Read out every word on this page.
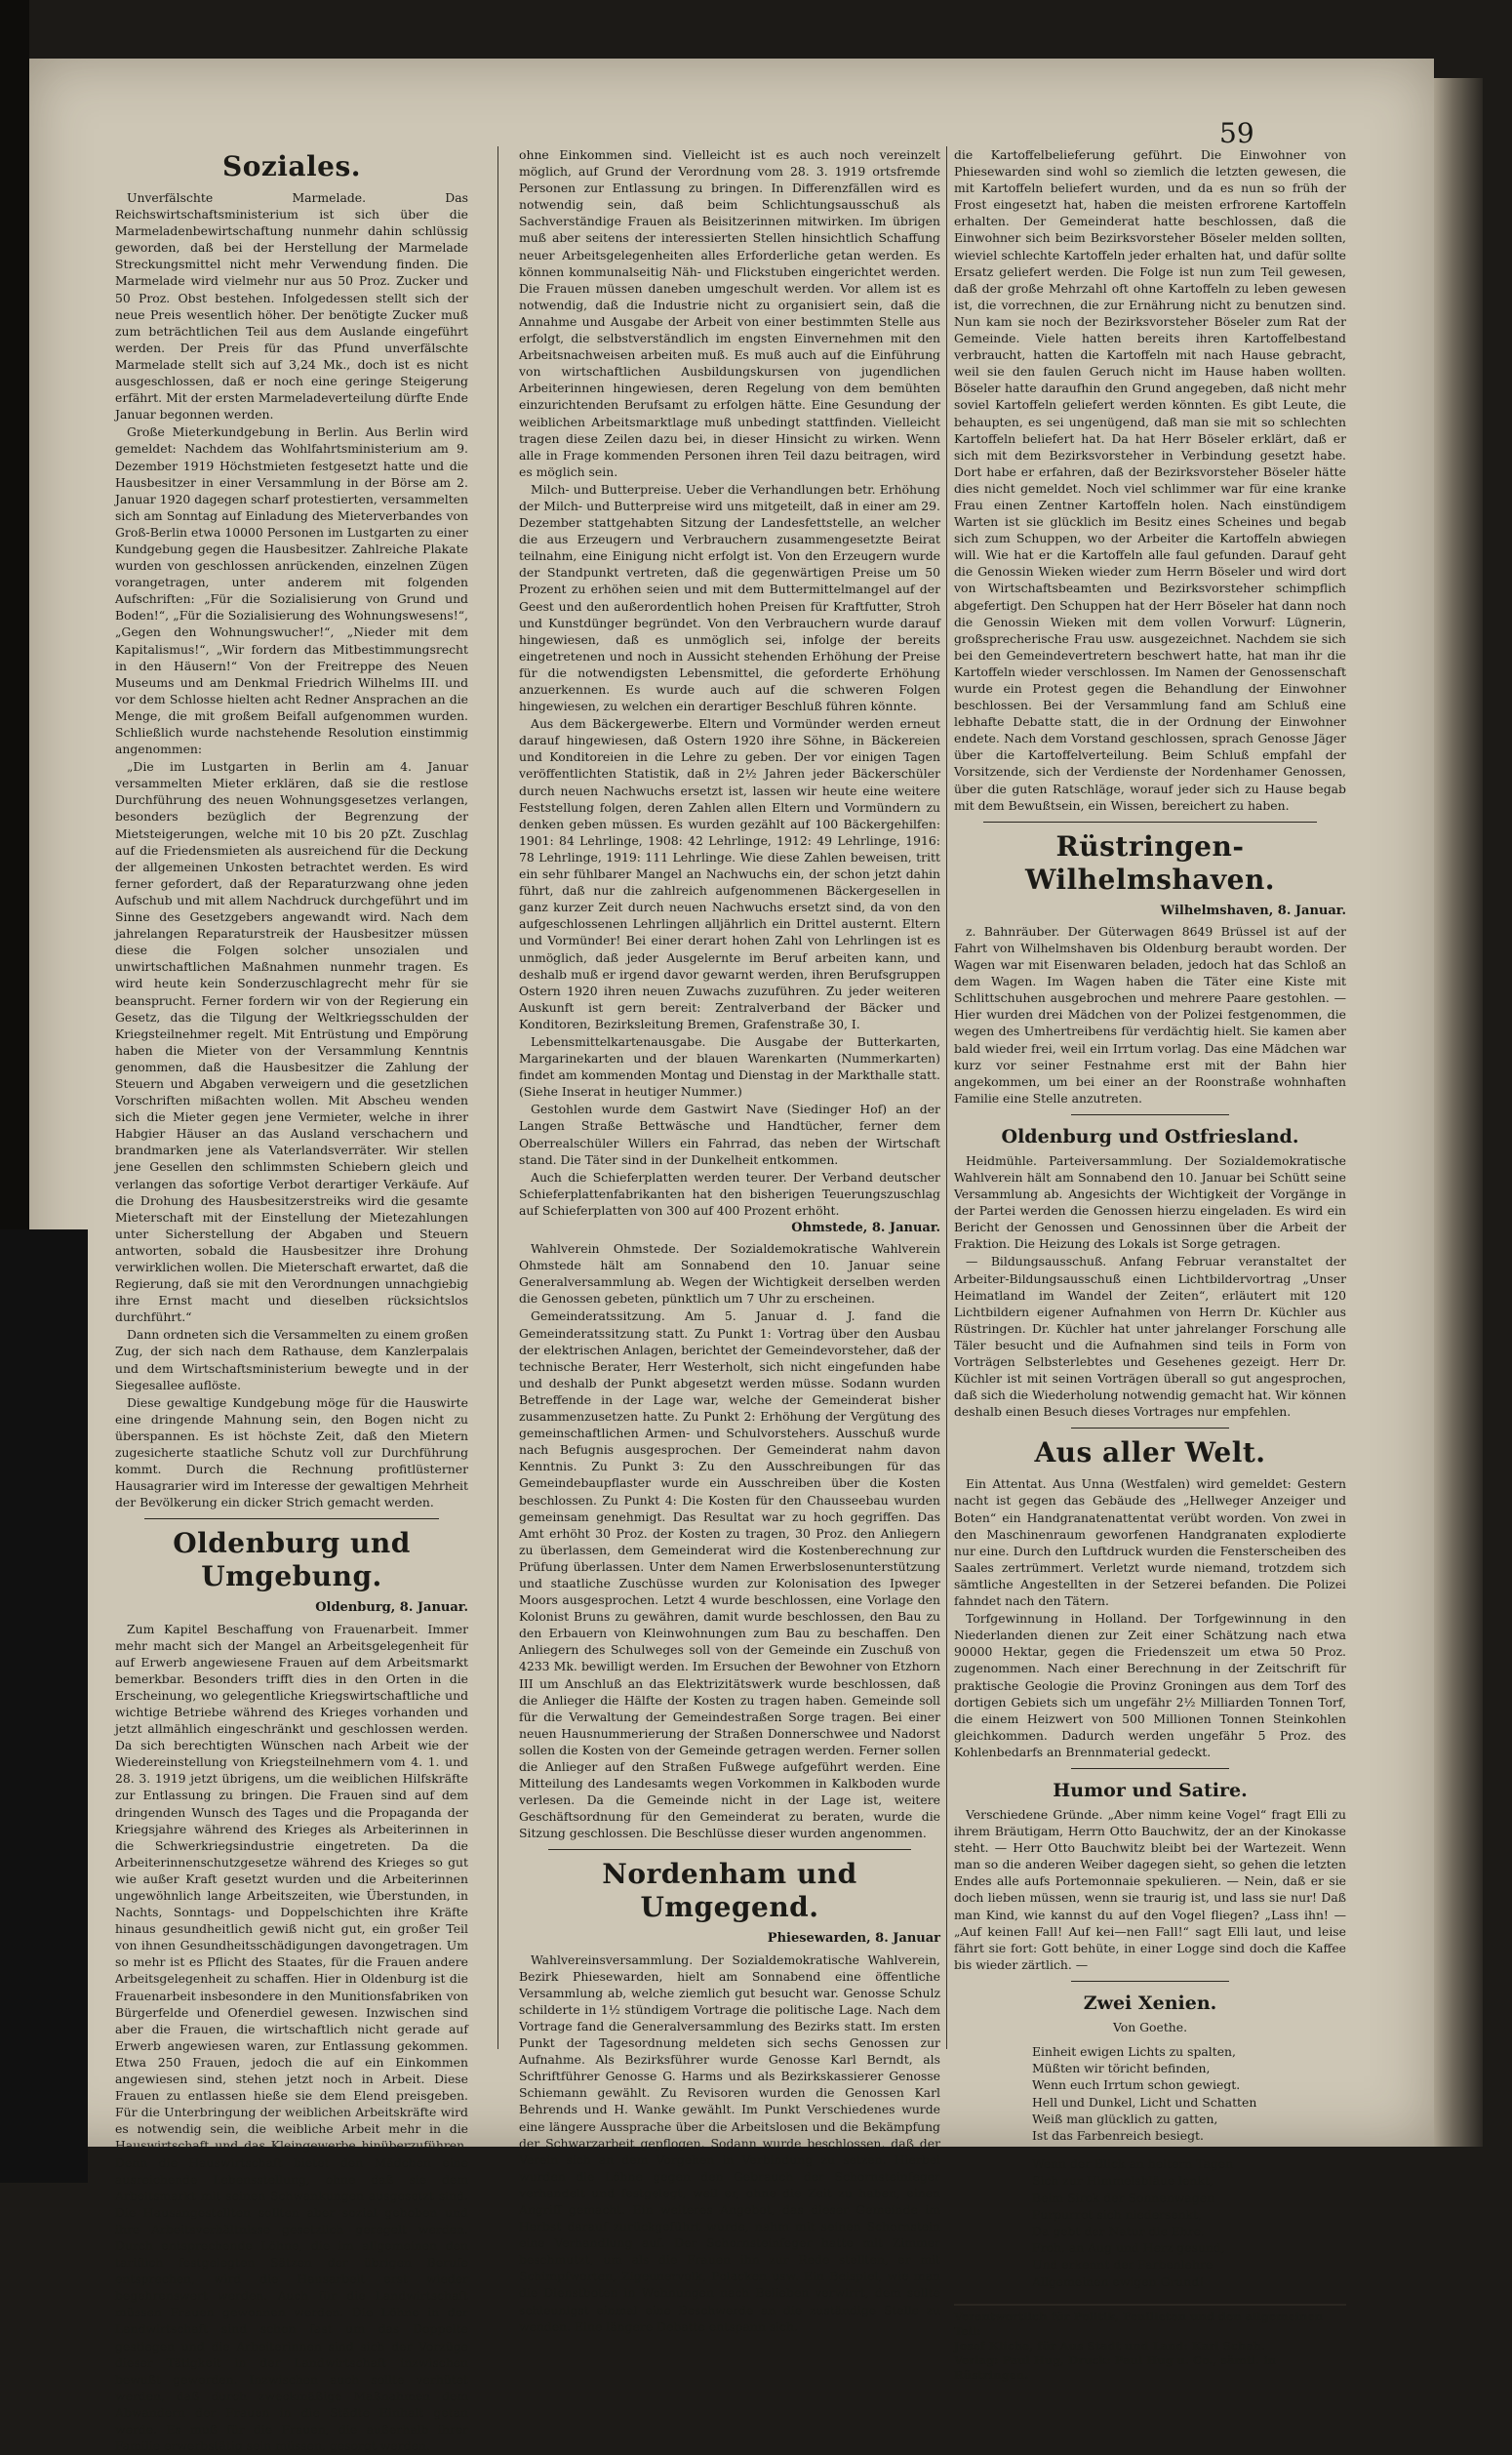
59
Soziales.

Unverfälschte Marmelade. Das Reichswirtschaftsministerium ist sich über die Marmeladenbewirtschaftung nunmehr dahin schlüssig geworden, daß bei der Herstellung der Marmelade Streckungsmittel nicht mehr Verwendung finden. Die Marmelade wird vielmehr nur aus 50 Proz. Zucker und 50 Proz. Obst bestehen. Infolgedessen stellt sich der neue Preis wesentlich höher. Der benötigte Zucker muß zum beträchtlichen Teil aus dem Auslande eingeführt werden. Der Preis für das Pfund unverfälschte Marmelade stellt sich auf 3,24 Mk., doch ist es nicht ausgeschlossen, daß er noch eine geringe Steigerung erfährt. Mit der ersten Marmeladeverteilung dürfte Ende Januar begonnen werden.

Große Mieterkundgebung in Berlin. Aus Berlin wird gemeldet: Nachdem das Wohlfahrtsministerium am 9. Dezember 1919 Höchstmieten festgesetzt hatte und die Hausbesitzer in einer Versammlung in der Börse am 2. Januar 1920 dagegen scharf protestierten, versammelten sich am Sonntag auf Einladung des Mieterverbandes von Groß-Berlin etwa 10000 Personen im Lustgarten zu einer Kundgebung gegen die Hausbesitzer. Zahlreiche Plakate wurden von geschlossen anrückenden, einzelnen Zügen vorangetragen, unter anderem mit folgenden Aufschriften: „Für die Sozialisierung von Grund und Boden!“, „Für die Sozialisierung des Wohnungswesens!“, „Gegen den Wohnungswucher!“, „Nieder mit dem Kapitalismus!“, „Wir fordern das Mitbestimmungsrecht in den Häusern!“ Von der Freitreppe des Neuen Museums und am Denkmal Friedrich Wilhelms III. und vor dem Schlosse hielten acht Redner Ansprachen an die Menge, die mit großem Beifall aufgenommen wurden. Schließlich wurde nachstehende Resolution einstimmig angenommen:

„Die im Lustgarten in Berlin am 4. Januar versammelten Mieter erklären, daß sie die restlose Durchführung des neuen Wohnungsgesetzes verlangen, besonders bezüglich der Begrenzung der Mietsteigerungen, welche mit 10 bis 20 pZt. Zuschlag auf die Friedensmieten als ausreichend für die Deckung der allgemeinen Unkosten betrachtet werden. Es wird ferner gefordert, daß der Reparaturzwang ohne jeden Aufschub und mit allem Nachdruck durchgeführt und im Sinne des Gesetzgebers angewandt wird. Nach dem jahrelangen Reparaturstreik der Hausbesitzer müssen diese die Folgen solcher unsozialen und unwirtschaftlichen Maßnahmen nunmehr tragen. Es wird heute kein Sonderzuschlagrecht mehr für sie beansprucht. Ferner fordern wir von der Regierung ein Gesetz, das die Tilgung der Weltkriegsschulden der Kriegsteilnehmer regelt. Mit Entrüstung und Empörung haben die Mieter von der Versammlung Kenntnis genommen, daß die Hausbesitzer die Zahlung der Steuern und Abgaben verweigern und die gesetzlichen Vorschriften mißachten wollen. Mit Abscheu wenden sich die Mieter gegen jene Vermieter, welche in ihrer Habgier Häuser an das Ausland verschachern und brandmarken jene als Vaterlandsverräter. Wir stellen jene Gesellen den schlimmsten Schiebern gleich und verlangen das sofortige Verbot derartiger Verkäufe. Auf die Drohung des Hausbesitzerstreiks wird die gesamte Mieterschaft mit der Einstellung der Mietezahlungen unter Sicherstellung der Abgaben und Steuern antworten, sobald die Hausbesitzer ihre Drohung verwirklichen wollen. Die Mieterschaft erwartet, daß die Regierung, daß sie mit den Verordnungen unnachgiebig ihre Ernst macht und dieselben rücksichtslos durchführt.“

Dann ordneten sich die Versammelten zu einem großen Zug, der sich nach dem Rathause, dem Kanzlerpalais und dem Wirtschaftsministerium bewegte und in der Siegesallee auflöste.

Diese gewaltige Kundgebung möge für die Hauswirte eine dringende Mahnung sein, den Bogen nicht zu überspannen. Es ist höchste Zeit, daß den Mietern zugesicherte staatliche Schutz voll zur Durchführung kommt. Durch die Rechnung profitlüsterner Hausagrarier wird im Interesse der gewaltigen Mehrheit der Bevölkerung ein dicker Strich gemacht werden.

Oldenburg und Umgebung.
Oldenburg, 8. Januar.

Zum Kapitel Beschaffung von Frauenarbeit. Immer mehr macht sich der Mangel an Arbeitsgelegenheit für auf Erwerb angewiesene Frauen auf dem Arbeitsmarkt bemerkbar. Besonders trifft dies in den Orten in die Erscheinung, wo gelegentliche Kriegswirtschaftliche und wichtige Betriebe während des Krieges vorhanden und jetzt allmählich eingeschränkt und geschlossen werden. Da sich berechtigten Wünschen nach Arbeit wie der Wiedereinstellung von Kriegsteilnehmern vom 4. 1. und 28. 3. 1919 jetzt übrigens, um die weiblichen Hilfskräfte zur Entlassung zu bringen. Die Frauen sind auf dem dringenden Wunsch des Tages und die Propaganda der Kriegsjahre während des Krieges als Arbeiterinnen in die Schwerkriegsindustrie eingetreten. Da die Arbeiterinnenschutzgesetze während des Krieges so gut wie außer Kraft gesetzt wurden und die Arbeiterinnen ungewöhnlich lange Arbeitszeiten, wie Überstunden, in Nachts, Sonntags- und Doppelschichten ihre Kräfte hinaus gesundheitlich gewiß nicht gut, ein großer Teil von ihnen Gesundheitsschädigungen davongetragen. Um so mehr ist es Pflicht des Staates, für die Frauen andere Arbeitsgelegenheit zu schaffen. Hier in Oldenburg ist die Frauenarbeit insbesondere in den Munitionsfabriken von Bürgerfelde und Ofenerdiel gewesen. Inzwischen sind aber die Frauen, die wirtschaftlich nicht gerade auf Erwerb angewiesen waren, zur Entlassung gekommen. Etwa 250 Frauen, jedoch die auf ein Einkommen angewiesen sind, stehen jetzt noch in Arbeit. Diese Frauen zu entlassen hieße sie dem Elend preisgeben. Für die Unterbringung der weiblichen Arbeitskräfte wird es notwendig sein, die weibliche Arbeit mehr in die Hauswirtschaft und das Kleingewerbe hinüberzuführen. Denn die Hauswirtschaft bietet den Mädchen eine ausreichende Lebensstellung, ohne daß sie dem Arbeitsmarkt mit seinen Schwankungen ausgesetzt sind. Die Hausangestellten sollten aber sozial gehoben und ihre Arbeitsverhältnisse gesetzlich geregelt werden. Durch entsprechende Löhne, die im allgemeinen den tariflich festgelegten Sätzen der übrigen Berufe entsprechen, wird die Hausarbeit erst wieder begehrenswert werden. Auch für die Landwirtschaft müssen Frauen gewonnen werden. Die Löhne in der Landwirtschaft sind schon fast um das Doppelte gestiegen und die Arbeiterinnen sind sich der Vorzüge dieser Tätigkeit in der Landwirtschaft inzwischen bewußt geworden. Inzwischen auch sollte verhütet werden, daß durch zweckmäßige Maßnahmen dem Abwandern der Frauen in die Städte Einhalt getan werde. Es muß für die Frauen, die außerhalb ihrer Familie erwerbstätig sein müssen, gesorgt werden.

ohne Einkommen sind. Vielleicht ist es auch noch vereinzelt möglich, auf Grund der Verordnung vom 28. 3. 1919 ortsfremde Personen zur Entlassung zu bringen. In Differenzfällen wird es notwendig sein, daß beim Schlichtungsausschuß als Sachverständige Frauen als Beisitzerinnen mitwirken. Im übrigen muß aber seitens der interessierten Stellen hinsichtlich Schaffung neuer Arbeitsgelegenheiten alles Erforderliche getan werden. Es können kommunalseitig Näh- und Flickstuben eingerichtet werden. Die Frauen müssen daneben umgeschult werden. Vor allem ist es notwendig, daß die Industrie nicht zu organisiert sein, daß die Annahme und Ausgabe der Arbeit von einer bestimmten Stelle aus erfolgt, die selbstverständlich im engsten Einvernehmen mit den Arbeitsnachweisen arbeiten muß. Es muß auch auf die Einführung von wirtschaftlichen Ausbildungskursen von jugendlichen Arbeiterinnen hingewiesen, deren Regelung von dem bemühten einzurichtenden Berufsamt zu erfolgen hätte. Eine Gesundung der weiblichen Arbeitsmarktlage muß unbedingt stattfinden. Vielleicht tragen diese Zeilen dazu bei, in dieser Hinsicht zu wirken. Wenn alle in Frage kommenden Personen ihren Teil dazu beitragen, wird es möglich sein.

Milch- und Butterpreise. Ueber die Verhandlungen betr. Erhöhung der Milch- und Butterpreise wird uns mitgeteilt, daß in einer am 29. Dezember stattgehabten Sitzung der Landesfettstelle, an welcher die aus Erzeugern und Verbrauchern zusammengesetzte Beirat teilnahm, eine Einigung nicht erfolgt ist. Von den Erzeugern wurde der Standpunkt vertreten, daß die gegenwärtigen Preise um 50 Prozent zu erhöhen seien und mit dem Buttermittelmangel auf der Geest und den außerordentlich hohen Preisen für Kraftfutter, Stroh und Kunstdünger begründet. Von den Verbrauchern wurde darauf hingewiesen, daß es unmöglich sei, infolge der bereits eingetretenen und noch in Aussicht stehenden Erhöhung der Preise für die notwendigsten Lebensmittel, die geforderte Erhöhung anzuerkennen. Es wurde auch auf die schweren Folgen hingewiesen, zu welchen ein derartiger Beschluß führen könnte.

Aus dem Bäckergewerbe. Eltern und Vormünder werden erneut darauf hingewiesen, daß Ostern 1920 ihre Söhne, in Bäckereien und Konditoreien in die Lehre zu geben. Der vor einigen Tagen veröffentlichten Statistik, daß in 2½ Jahren jeder Bäckerschüler durch neuen Nachwuchs ersetzt ist, lassen wir heute eine weitere Feststellung folgen, deren Zahlen allen Eltern und Vormündern zu denken geben müssen. Es wurden gezählt auf 100 Bäckergehilfen: 1901: 84 Lehrlinge, 1908: 42 Lehrlinge, 1912: 49 Lehrlinge, 1916: 78 Lehrlinge, 1919: 111 Lehrlinge. Wie diese Zahlen beweisen, tritt ein sehr fühlbarer Mangel an Nachwuchs ein, der schon jetzt dahin führt, daß nur die zahlreich aufgenommenen Bäckergesellen in ganz kurzer Zeit durch neuen Nachwuchs ersetzt sind, da von den aufgeschlossenen Lehrlingen alljährlich ein Drittel austernt. Eltern und Vormünder! Bei einer derart hohen Zahl von Lehrlingen ist es unmöglich, daß jeder Ausgelernte im Beruf arbeiten kann, und deshalb muß er irgend davor gewarnt werden, ihren Berufsgruppen Ostern 1920 ihren neuen Zuwachs zuzuführen. Zu jeder weiteren Auskunft ist gern bereit: Zentralverband der Bäcker und Konditoren, Bezirksleitung Bremen, Grafenstraße 30, I.

Lebensmittelkartenausgabe. Die Ausgabe der Butterkarten, Margarinekarten und der blauen Warenkarten (Nummerkarten) findet am kommenden Montag und Dienstag in der Markthalle statt. (Siehe Inserat in heutiger Nummer.)

Gestohlen wurde dem Gastwirt Nave (Siedinger Hof) an der Langen Straße Bettwäsche und Handtücher, ferner dem Oberrealschüler Willers ein Fahrrad, das neben der Wirtschaft stand. Die Täter sind in der Dunkelheit entkommen.

Auch die Schieferplatten werden teurer. Der Verband deutscher Schieferplattenfabrikanten hat den bisherigen Teuerungszuschlag auf Schieferplatten von 300 auf 400 Prozent erhöht.

Ohmstede, 8. Januar.

Wahlverein Ohmstede. Der Sozialdemokratische Wahlverein Ohmstede hält am Sonnabend den 10. Januar seine Generalversammlung ab. Wegen der Wichtigkeit derselben werden die Genossen gebeten, pünktlich um 7 Uhr zu erscheinen.

Gemeinderatssitzung. Am 5. Januar d. J. fand die Gemeinderatssitzung statt. Zu Punkt 1: Vortrag über den Ausbau der elektrischen Anlagen, berichtet der Gemeindevorsteher, daß der technische Berater, Herr Westerholt, sich nicht eingefunden habe und deshalb der Punkt abgesetzt werden müsse. Sodann wurden Betreffende in der Lage war, welche der Gemeinderat bisher zusammenzusetzen hatte. Zu Punkt 2: Erhöhung der Vergütung des gemeinschaftlichen Armen- und Schulvorstehers. Ausschuß wurde nach Befugnis ausgesprochen. Der Gemeinderat nahm davon Kenntnis. Zu Punkt 3: Zu den Ausschreibungen für das Gemeindebaupflaster wurde ein Ausschreiben über die Kosten beschlossen. Zu Punkt 4: Die Kosten für den Chausseebau wurden gemeinsam genehmigt. Das Resultat war zu hoch gegriffen. Das Amt erhöht 30 Proz. der Kosten zu tragen, 30 Proz. den Anliegern zu überlassen, dem Gemeinderat wird die Kostenberechnung zur Prüfung überlassen. Unter dem Namen Erwerbslosenunterstützung und staatliche Zuschüsse wurden zur Kolonisation des Ipweger Moors ausgesprochen. Letzt 4 wurde beschlossen, eine Vorlage den Kolonist Bruns zu gewähren, damit wurde beschlossen, den Bau zu den Erbauern von Kleinwohnungen zum Bau zu beschaffen. Den Anliegern des Schulweges soll von der Gemeinde ein Zuschuß von 4233 Mk. bewilligt werden. Im Ersuchen der Bewohner von Etzhorn III um Anschluß an das Elektrizitätswerk wurde beschlossen, daß die Anlieger die Hälfte der Kosten zu tragen haben. Gemeinde soll für die Verwaltung der Gemeindestraßen Sorge tragen. Bei einer neuen Hausnummerierung der Straßen Donnerschwee und Nadorst sollen die Kosten von der Gemeinde getragen werden. Ferner sollen die Anlieger auf den Straßen Fußwege aufgeführt werden. Eine Mitteilung des Landesamts wegen Vorkommen in Kalkboden wurde verlesen. Da die Gemeinde nicht in der Lage ist, weitere Geschäftsordnung für den Gemeinderat zu beraten, wurde die Sitzung geschlossen. Die Beschlüsse dieser wurden angenommen.

Nordenham und Umgegend.
Phiesewarden, 8. Januar

Wahlvereinsversammlung. Der Sozialdemokratische Wahlverein, Bezirk Phiesewarden, hielt am Sonnabend eine öffentliche Versammlung ab, welche ziemlich gut besucht war. Genosse Schulz schilderte in 1½ stündigem Vortrage die politische Lage. Nach dem Vortrage fand die Generalversammlung des Bezirks statt. Im ersten Punkt der Tagesordnung meldeten sich sechs Genossen zur Aufnahme. Als Bezirksführer wurde Genosse Karl Berndt, als Schriftführer Genosse G. Harms und als Bezirkskassierer Genosse Schiemann gewählt. Zu Revisoren wurden die Genossen Karl Behrends und H. Wanke gewählt. Im Punkt Verschiedenes wurde eine längere Aussprache über die Arbeitslosen und die Bekämpfung der Schwarzarbeit gepflogen. Sodann wurde beschlossen, daß der Verein sich an dem Vorgehen in Verbindung zu setzen. Hierbei wurden die Löhne gegen den Gebrauch der Schornsteinfeger verhandelt und festgelegt, weil er, ohne die Zeit zu haben, einen Angriff gemacht. Ein weiteres Angebot, das dieser Gemeinde im Herbst darauf zurückgeführt wurde, nahm mit seinen Schornstein eine Verhandlung auf. Der Schornsteinfeger hatte mit Zimmer beschmutzt, um als die Frauen ihn zur Rede stellten, er mit Schimpfworten, Zigeunervolk, Polacken usw. Ein Beispiel, wie man die Dienstboten in Wohnungen nach Belieben verwirrt, dem sollte schleunigst einmal eine Beschwerde an die zuständige Stelle zu wenden. Eine längere Debatte entspann sich.

die Kartoffelbelieferung geführt. Die Einwohner von Phiesewarden sind wohl so ziemlich die letzten gewesen, die mit Kartoffeln beliefert wurden, und da es nun so früh der Frost eingesetzt hat, haben die meisten erfrorene Kartoffeln erhalten. Der Gemeinderat hatte beschlossen, daß die Einwohner sich beim Bezirksvorsteher Böseler melden sollten, wieviel schlechte Kartoffeln jeder erhalten hat, und dafür sollte Ersatz geliefert werden. Die Folge ist nun zum Teil gewesen, daß der große Mehrzahl oft ohne Kartoffeln zu leben gewesen ist, die vorrechnen, die zur Ernährung nicht zu benutzen sind. Nun kam sie noch der Bezirksvorsteher Böseler zum Rat der Gemeinde. Viele hatten bereits ihren Kartoffelbestand verbraucht, hatten die Kartoffeln mit nach Hause gebracht, weil sie den faulen Geruch nicht im Hause haben wollten. Böseler hatte daraufhin den Grund angegeben, daß nicht mehr soviel Kartoffeln geliefert werden könnten. Es gibt Leute, die behaupten, es sei ungenügend, daß man sie mit so schlechten Kartoffeln beliefert hat. Da hat Herr Böseler erklärt, daß er sich mit dem Bezirksvorsteher in Verbindung gesetzt habe. Dort habe er erfahren, daß der Bezirksvorsteher Böseler hätte dies nicht gemeldet. Noch viel schlimmer war für eine kranke Frau einen Zentner Kartoffeln holen. Nach einstündigem Warten ist sie glücklich im Besitz eines Scheines und begab sich zum Schuppen, wo der Arbeiter die Kartoffeln abwiegen will. Wie hat er die Kartoffeln alle faul gefunden. Darauf geht die Genossin Wieken wieder zum Herrn Böseler und wird dort von Wirtschaftsbeamten und Bezirksvorsteher schimpflich abgefertigt. Den Schuppen hat der Herr Böseler hat dann noch die Genossin Wieken mit dem vollen Vorwurf: Lügnerin, großsprecherische Frau usw. ausgezeichnet. Nachdem sie sich bei den Gemeindevertretern beschwert hatte, hat man ihr die Kartoffeln wieder verschlossen. Im Namen der Genossenschaft wurde ein Protest gegen die Behandlung der Einwohner beschlossen. Bei der Versammlung fand am Schluß eine lebhafte Debatte statt, die in der Ordnung der Einwohner endete. Nach dem Vorstand geschlossen, sprach Genosse Jäger über die Kartoffelverteilung. Beim Schluß empfahl der Vorsitzende, sich der Verdienste der Nordenhamer Genossen, über die guten Ratschläge, worauf jeder sich zu Hause begab mit dem Bewußtsein, ein Wissen, bereichert zu haben.

Rüstringen-Wilhelmshaven.
Wilhelmshaven, 8. Januar.

z. Bahnräuber. Der Güterwagen 8649 Brüssel ist auf der Fahrt von Wilhelmshaven bis Oldenburg beraubt worden. Der Wagen war mit Eisenwaren beladen, jedoch hat das Schloß an dem Wagen. Im Wagen haben die Täter eine Kiste mit Schlittschuhen ausgebrochen und mehrere Paare gestohlen. — Hier wurden drei Mädchen von der Polizei festgenommen, die wegen des Umhertreibens für verdächtig hielt. Sie kamen aber bald wieder frei, weil ein Irrtum vorlag. Das eine Mädchen war kurz vor seiner Festnahme erst mit der Bahn hier angekommen, um bei einer an der Roonstraße wohnhaften Familie eine Stelle anzutreten.

Oldenburg und Ostfriesland.

Heidmühle. Parteiversammlung. Der Sozialdemokratische Wahlverein hält am Sonnabend den 10. Januar bei Schütt seine Versammlung ab. Angesichts der Wichtigkeit der Vorgänge in der Partei werden die Genossen hierzu eingeladen. Es wird ein Bericht der Genossen und Genossinnen über die Arbeit der Fraktion. Die Heizung des Lokals ist Sorge getragen.

— Bildungsausschuß. Anfang Februar veranstaltet der Arbeiter-Bildungsausschuß einen Lichtbildervortrag „Unser Heimatland im Wandel der Zeiten“, erläutert mit 120 Lichtbildern eigener Aufnahmen von Herrn Dr. Küchler aus Rüstringen. Dr. Küchler hat unter jahrelanger Forschung alle Täler besucht und die Aufnahmen sind teils in Form von Vorträgen Selbsterlebtes und Gesehenes gezeigt. Herr Dr. Küchler ist mit seinen Vorträgen überall so gut angesprochen, daß sich die Wiederholung notwendig gemacht hat. Wir können deshalb einen Besuch dieses Vortrages nur empfehlen.

Aus aller Welt.

Ein Attentat. Aus Unna (Westfalen) wird gemeldet: Gestern nacht ist gegen das Gebäude des „Hellweger Anzeiger und Boten“ ein Handgranatenattentat verübt worden. Von zwei in den Maschinenraum geworfenen Handgranaten explodierte nur eine. Durch den Luftdruck wurden die Fensterscheiben des Saales zertrümmert. Verletzt wurde niemand, trotzdem sich sämtliche Angestellten in der Setzerei befanden. Die Polizei fahndet nach den Tätern.

Torfgewinnung in Holland. Der Torfgewinnung in den Niederlanden dienen zur Zeit einer Schätzung nach etwa 90000 Hektar, gegen die Friedenszeit um etwa 50 Proz. zugenommen. Nach einer Berechnung in der Zeitschrift für praktische Geologie die Provinz Groningen aus dem Torf des dortigen Gebiets sich um ungefähr 2½ Milliarden Tonnen Torf, die einem Heizwert von 500 Millionen Tonnen Steinkohlen gleichkommen. Dadurch werden ungefähr 5 Proz. des Kohlenbedarfs an Brennmaterial gedeckt.

Humor und Satire.

Verschiedene Gründe. „Aber nimm keine Vogel“ fragt Elli zu ihrem Bräutigam, Herrn Otto Bauchwitz, der an der Kinokasse steht. — Herr Otto Bauchwitz bleibt bei der Wartezeit. Wenn man so die anderen Weiber dagegen sieht, so gehen die letzten Endes alle aufs Portemonnaie spekulieren. — Nein, daß er sie doch lieben müssen, wenn sie traurig ist, und lass sie nur! Daß man Kind, wie kannst du auf den Vogel fliegen? „Lass ihn! — „Auf keinen Fall! Auf kei—nen Fall!“ sagt Elli laut, und leise fährt sie fort: Gott behüte, in einer Logge sind doch die Kaffee bis wieder zärtlich. —

Zwei Xenien.
Von Goethe.
Einheit ewigen Lichts zu spalten,
Müßten wir töricht befinden,
Wenn euch Irrtum schon gewiegt.
Hell und Dunkel, Licht und Schatten
Weiß man glücklich zu gatten,
Ist das Farbenreich besiegt.
Wenn der Blick an heitern Tagen
Sich zur Himmelsbläue lenkt,
Beim Sirok der Sonnenwagen
Purpurrot sich niedersenkt,
Da gebt der Natur die Ehre,
Froh, an Aug und Herz gesund,
Und erkennt der Farbenlehre
Allgemeinen ewigen Grund!
Verantwortlich für Politik, Feuilleton und den allgemeinen Teil:
Josef Kliche, für Aus Stadt und Land: Karl Schab.
Verlag: Paul Hug, Druck: Paul Hug u. Co., sämtl. in Rüstringen.
